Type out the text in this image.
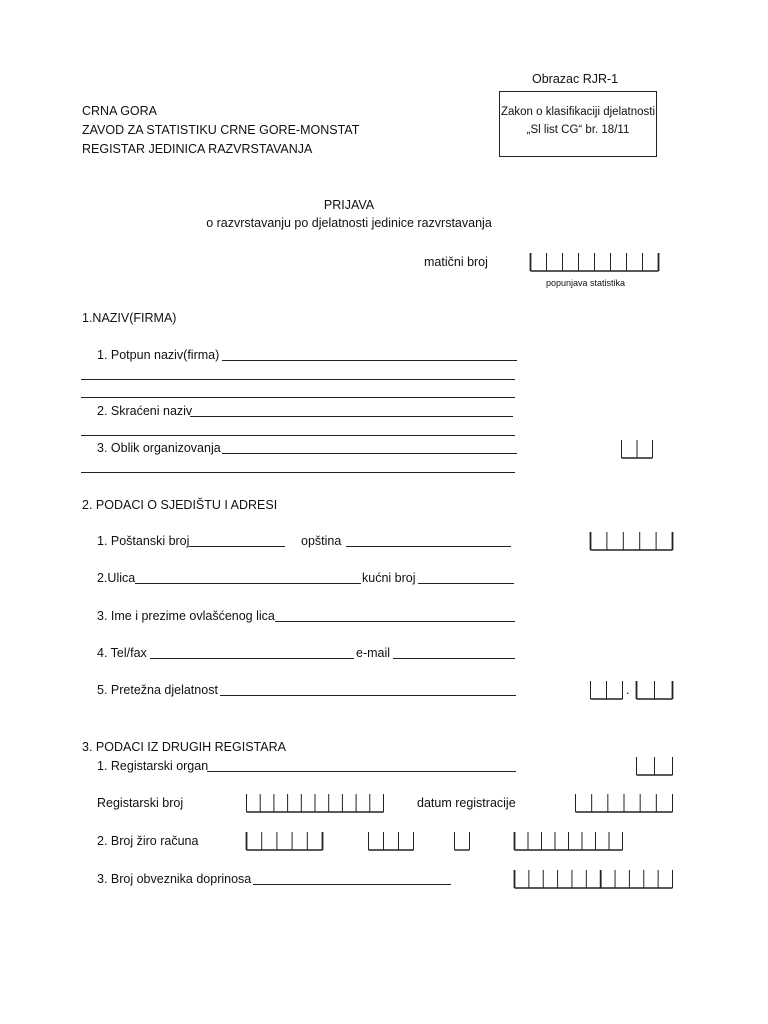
Obrazac RJR-1
CRNA GORA
ZAVOD ZA STATISTIKU CRNE GORE-MONSTAT
REGISTAR JEDINICA RAZVRSTAVANJA
Zakon o klasifikaciji djelatnosti
„Sl list CG“ br. 18/11
PRIJAVA
o razvrstavanju po djelatnosti jedinice razvrstavanja
matični broj
popunjava statistika
1.NAZIV(FIRMA)
1. Potpun naziv(firma)
2. Skraćeni naziv
3. Oblik organizovanja
2. PODACI O SJEDIŠTU I ADRESI
1. Poštanski broj	opština
2.Ulica	kućni broj
3. Ime i prezime ovlašćenog lica
4. Tel/fax	e-mail
5. Pretežna djelatnost	.
3. PODACI IZ DRUGIH REGISTARA
1. Registarski organ
Registarski broj	datum registracije
2. Broj žiro računa
3. Broj obveznika doprinosa
